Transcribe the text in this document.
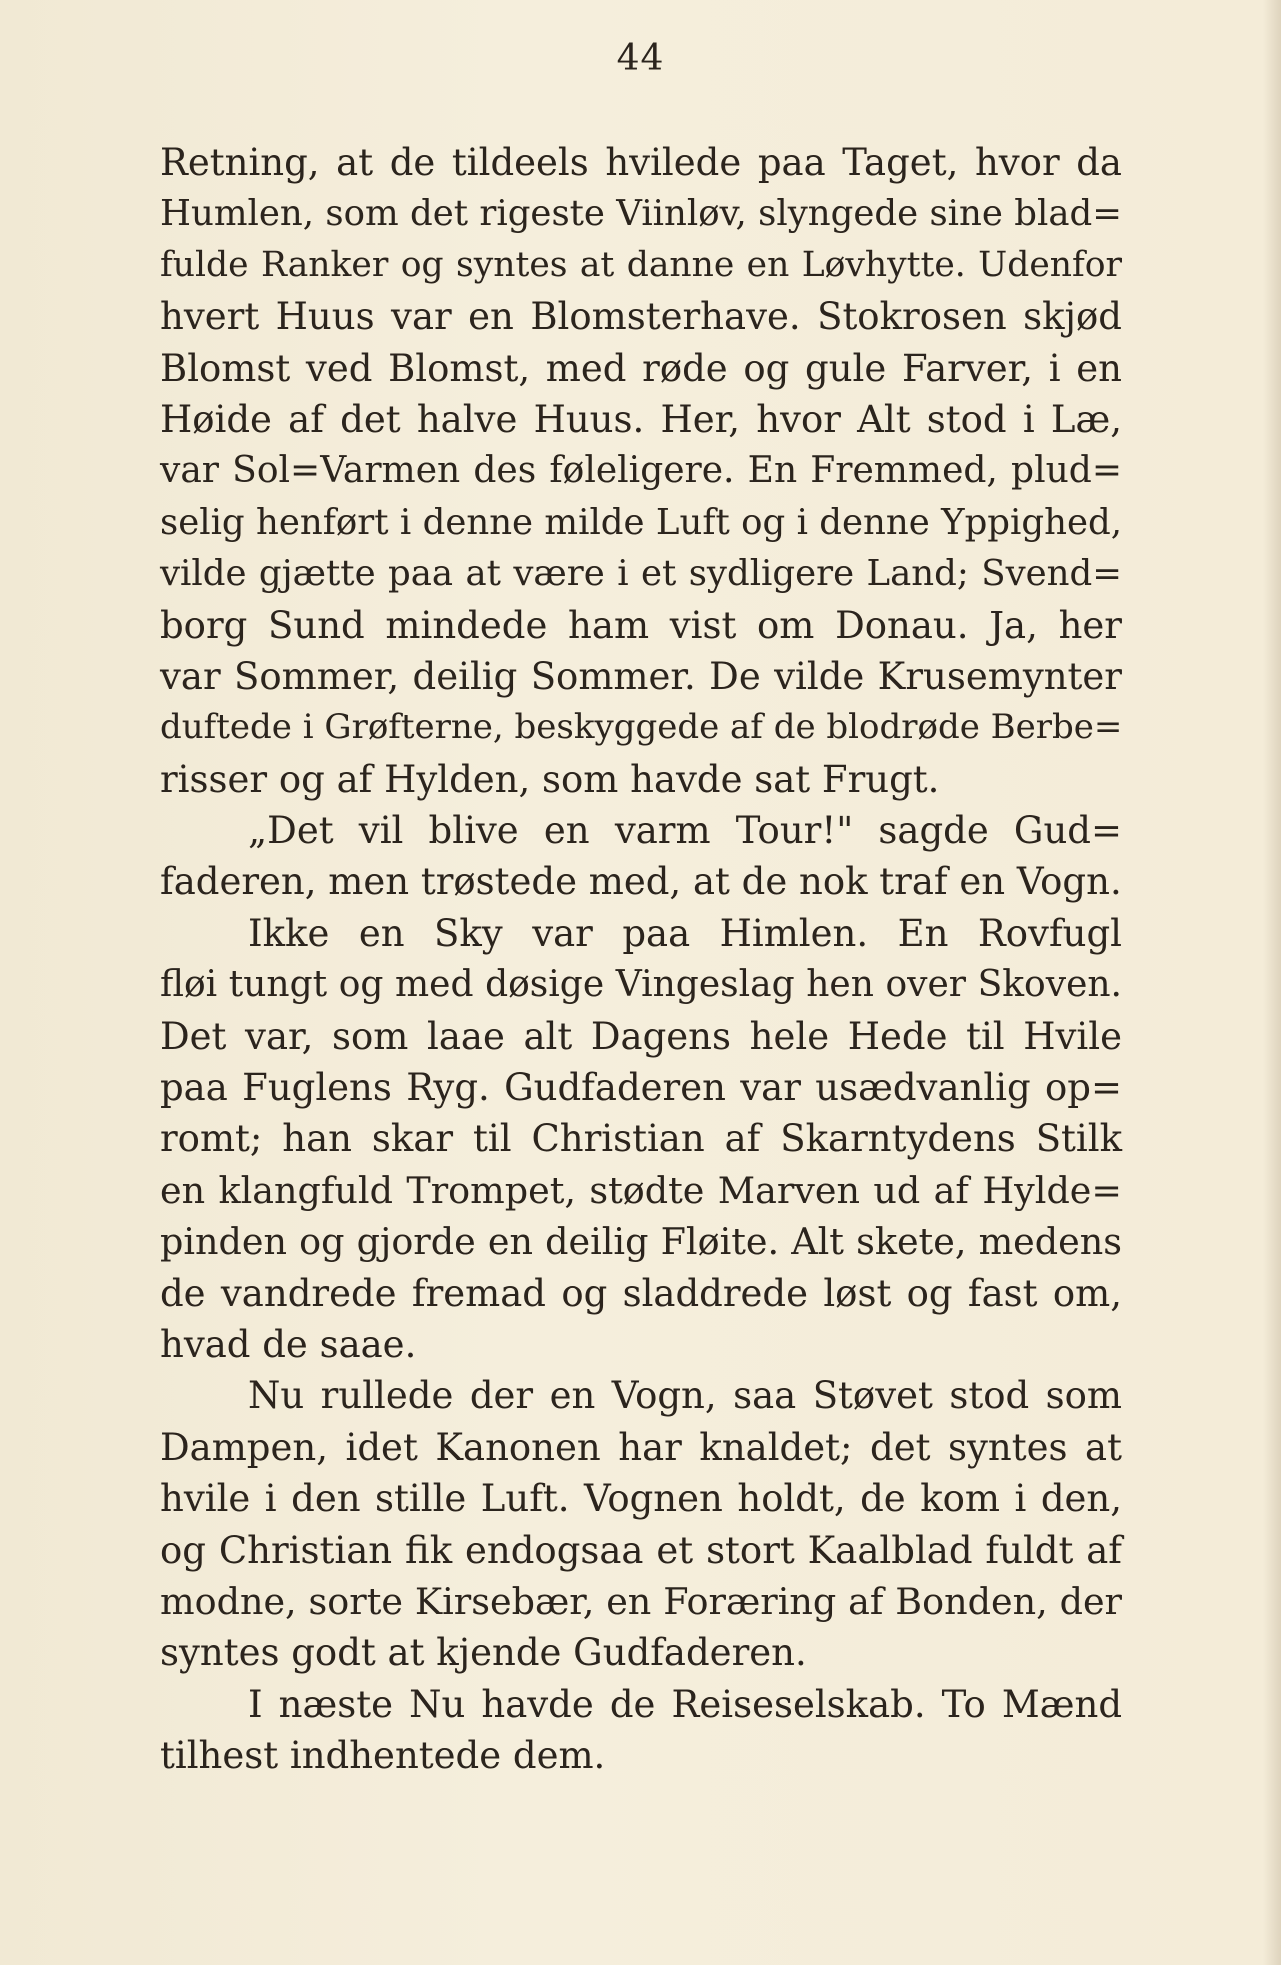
44
Retning, at de tildeels hvilede paa Taget, hvor da
Humlen, som det rigeste Viinløv, slyngede sine blad=
fulde Ranker og syntes at danne en Løvhytte. Udenfor
hvert Huus var en Blomsterhave. Stokrosen skjød
Blomst ved Blomst, med røde og gule Farver, i en
Høide af det halve Huus. Her, hvor Alt stod i Læ,
var Sol=Varmen des føleligere. En Fremmed, plud=
selig henført i denne milde Luft og i denne Yppighed,
vilde gjætte paa at være i et sydligere Land; Svend=
borg Sund mindede ham vist om Donau. Ja, her
var Sommer, deilig Sommer. De vilde Krusemynter
duftede i Grøfterne, beskyggede af de blodrøde Berbe=
risser og af Hylden, som havde sat Frugt.
„Det vil blive en varm Tour!" sagde Gud=
faderen, men trøstede med, at de nok traf en Vogn.
Ikke en Sky var paa Himlen. En Rovfugl
fløi tungt og med døsige Vingeslag hen over Skoven.
Det var, som laae alt Dagens hele Hede til Hvile
paa Fuglens Ryg. Gudfaderen var usædvanlig op=
romt; han skar til Christian af Skarntydens Stilk
en klangfuld Trompet, stødte Marven ud af Hylde=
pinden og gjorde en deilig Fløite. Alt skete, medens
de vandrede fremad og sladdrede løst og fast om,
hvad de saae.
Nu rullede der en Vogn, saa Støvet stod som
Dampen, idet Kanonen har knaldet; det syntes at
hvile i den stille Luft. Vognen holdt, de kom i den,
og Christian fik endogsaa et stort Kaalblad fuldt af
modne, sorte Kirsebær, en Foræring af Bonden, der
syntes godt at kjende Gudfaderen.
I næste Nu havde de Reiseselskab. To Mænd
tilhest indhentede dem.
